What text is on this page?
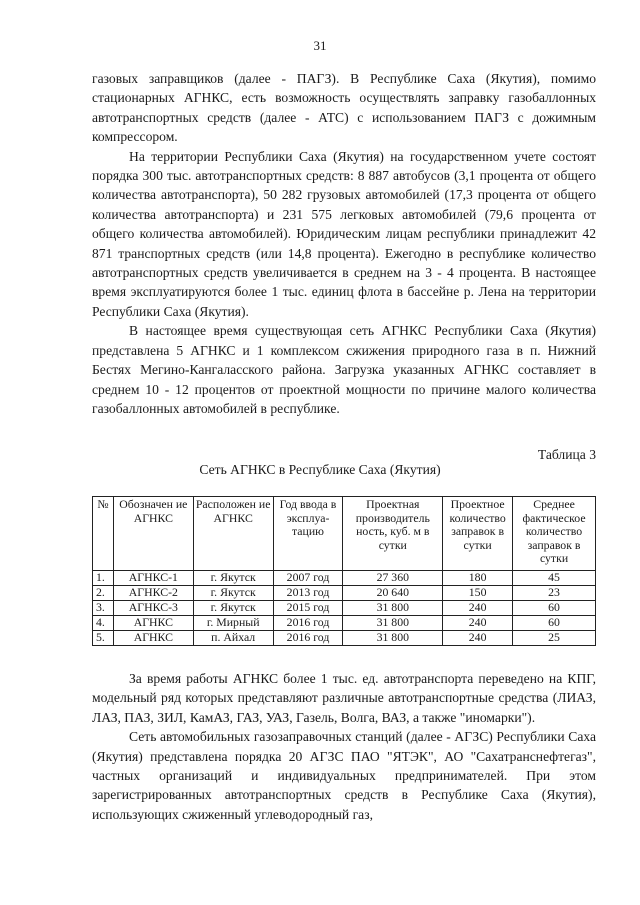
31

газовых заправщиков (далее - ПАГЗ). В Республике Саха (Якутия), помимо стационарных АГНКС, есть возможность осуществлять заправку газобаллонных автотранспортных средств (далее - АТС) с использованием ПАГЗ с дожимным компрессором.

На территории Республики Саха (Якутия) на государственном учете состоят порядка 300 тыс. автотранспортных средств: 8 887 автобусов (3,1 процента от общего количества автотранспорта), 50 282 грузовых автомобилей (17,3 процента от общего количества автотранспорта) и 231 575 легковых автомобилей (79,6 процента от общего количества автомобилей). Юридическим лицам республики принадлежит 42 871 транспортных средств (или 14,8 процента). Ежегодно в республике количество автотранспортных средств увеличивается в среднем на 3 - 4 процента. В настоящее время эксплуатируются более 1 тыс. единиц флота в бассейне р. Лена на территории Республики Саха (Якутия).

В настоящее время существующая сеть АГНКС Республики Саха (Якутия) представлена 5 АГНКС и 1 комплексом сжижения природного газа в п. Нижний Бестях Мегино-Кангаласского района. Загрузка указанных АГНКС составляет в среднем 10 - 12 процентов от проектной мощности по причине малого количества газобаллонных автомобилей в республике.

Таблица 3
Сеть АГНКС в Республике Саха (Якутия)
№	Обозначен ие АГНКС	Расположен ие АГНКС	Год ввода в эксплуа-тацию	Проектная производитель ность, куб. м в сутки	Проектное количество заправок в сутки	Среднее фактическое количество заправок в сутки
1.	АГНКС-1	г. Якутск	2007 год	27 360	180	45
2.	АГНКС-2	г. Якутск	2013 год	20 640	150	23
3.	АГНКС-3	г. Якутск	2015 год	31 800	240	60
4.	АГНКС	г. Мирный	2016 год	31 800	240	60
5.	АГНКС	п. Айхал	2016 год	31 800	240	25

За время работы АГНКС более 1 тыс. ед. автотранспорта переведено на КПГ, модельный ряд которых представляют различные автотранспортные средства (ЛИАЗ, ЛАЗ, ПАЗ, ЗИЛ, КамАЗ, ГАЗ, УАЗ, Газель, Волга, ВАЗ, а также "иномарки").

Сеть автомобильных газозаправочных станций (далее - АГЗС) Республики Саха (Якутия) представлена порядка 20 АГЗС ПАО "ЯТЭК", АО "Сахатранснефтегаз", частных организаций и индивидуальных предпринимателей. При этом зарегистрированных автотранспортных средств в Республике Саха (Якутия), использующих сжиженный углеводородный газ,
